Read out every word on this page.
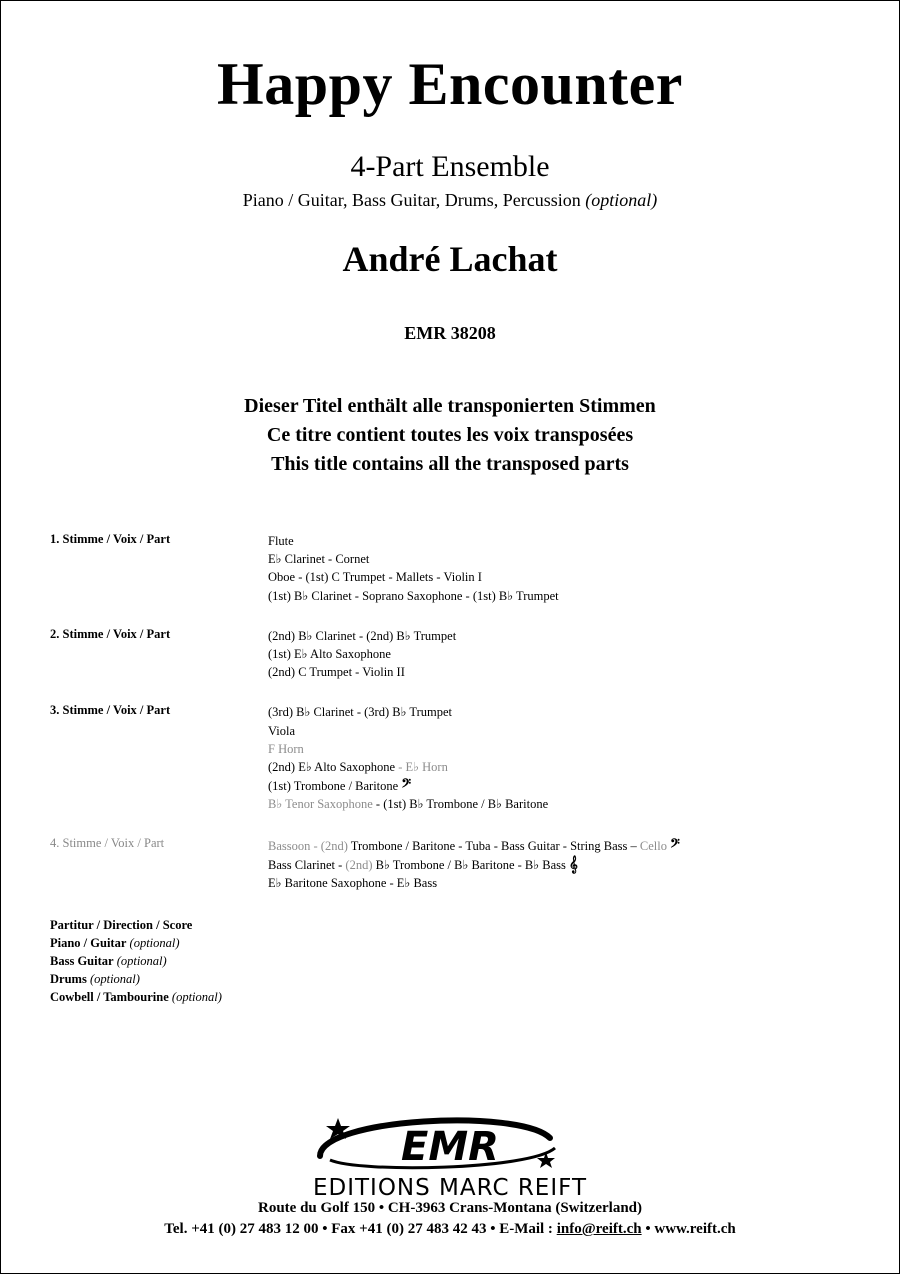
Happy Encounter
4-Part Ensemble
Piano / Guitar, Bass Guitar, Drums, Percussion (optional)
André Lachat
EMR 38208
Dieser Titel enthält alle transponierten Stimmen
Ce titre contient toutes les voix transposées
This title contains all the transposed parts
1. Stimme / Voix / Part	Flute
E♭ Clarinet - Cornet
Oboe - (1st) C Trumpet - Mallets - Violin I
(1st) B♭ Clarinet - Soprano Saxophone - (1st) B♭ Trumpet
2. Stimme / Voix / Part	(2nd) B♭ Clarinet - (2nd) B♭ Trumpet
(1st) E♭ Alto Saxophone
(2nd) C Trumpet - Violin II
3. Stimme / Voix / Part	(3rd) B♭ Clarinet - (3rd) B♭ Trumpet
Viola
F Horn
(2nd) E♭ Alto Saxophone - E♭ Horn
(1st) Trombone / Baritone 𝄢
B♭ Tenor Saxophone - (1st) B♭ Trombone / B♭ Baritone
4. Stimme / Voix / Part	Bassoon - (2nd) Trombone / Baritone - Tuba - Bass Guitar - String Bass – Cello 𝄢
Bass Clarinet - (2nd) B♭ Trombone / B♭ Baritone - B♭ Bass 𝄞
E♭ Baritone Saxophone - E♭ Bass
Partitur / Direction / Score
Piano / Guitar (optional)
Bass Guitar (optional)
Drums (optional)
Cowbell / Tambourine (optional)
EMR
EDITIONS MARC REIFT
Route du Golf 150 • CH-3963 Crans-Montana (Switzerland)
Tel. +41 (0) 27 483 12 00 • Fax +41 (0) 27 483 42 43 • E-Mail : info@reift.ch • www.reift.ch
